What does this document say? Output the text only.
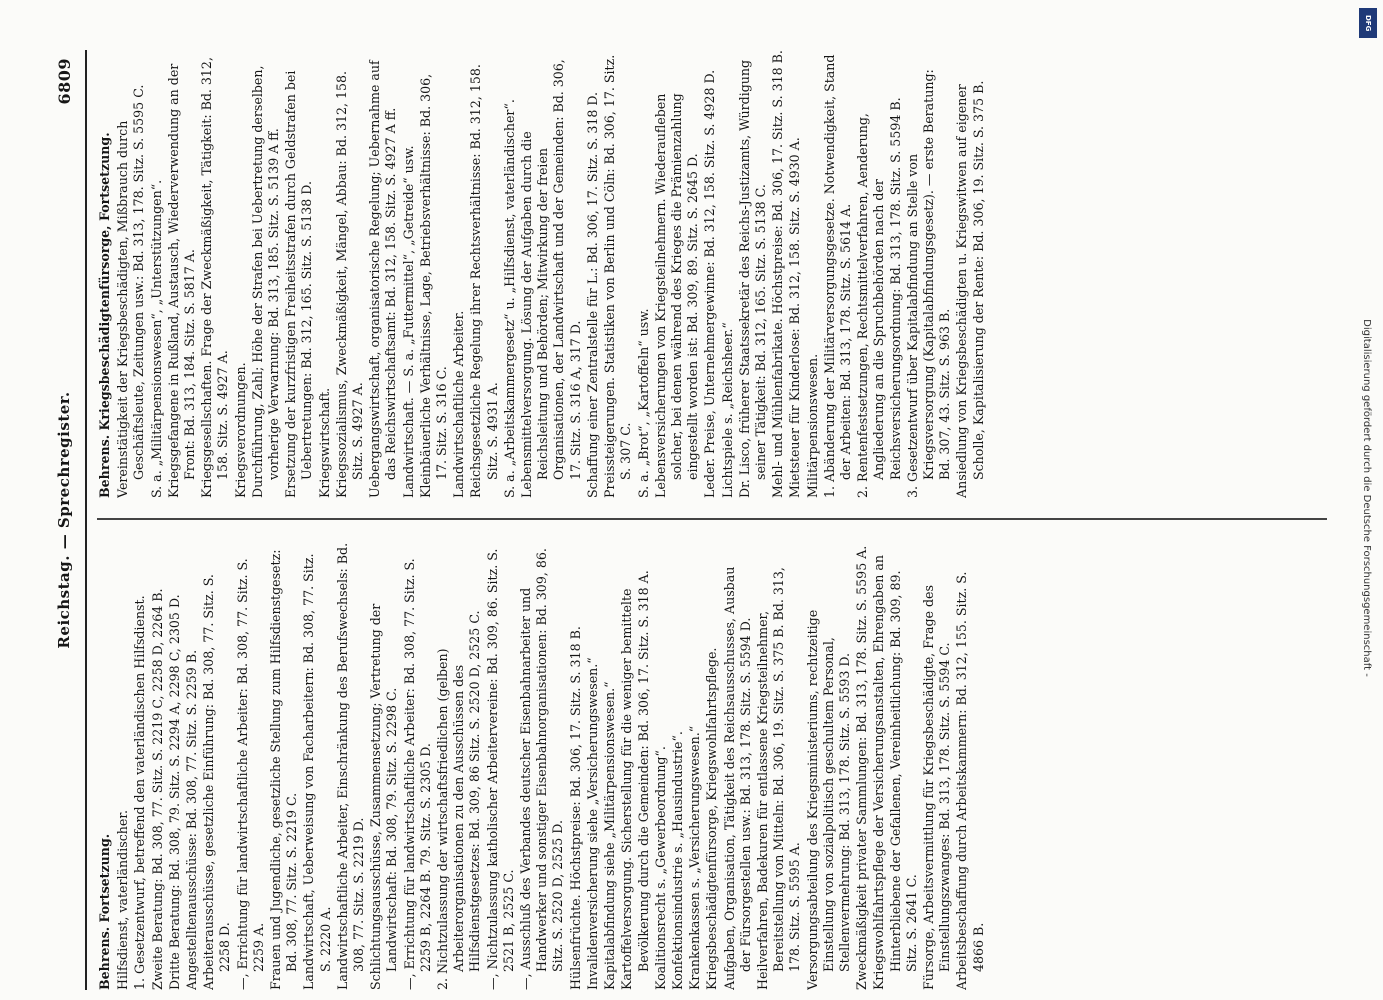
Digitalisierung gefördert durch die Deutsche Forschungsgemeinschaft -
DFG
Reichstag. — Sprechregister.
6809
Behrens. Fortsetzung. Hilfsdienst, vaterländischer. 1. Gesetzentwurf, betreffend den vaterländischen Hilfsdienst. Zweite Beratung: Bd. 308, 77. Sitz. S. 2219 C, 2258 D, 2264 B. Dritte Beratung: Bd. 308, 79. Sitz. S. 2294 A, 2298 C, 2305 D. Angestelltenausschüsse: Bd. 308, 77. Sitz. S. 2259 B. Arbeiterausschüsse, gesetzliche Einführung: Bd. 308, 77. Sitz. S. 2258 D. —, Errichtung für landwirtschaftliche Arbeiter: Bd. 308, 77. Sitz. S. 2259 A. Frauen und Jugendliche, gesetzliche Stellung zum Hilfsdienstgesetz: Bd. 308, 77. Sitz. S. 2219 C. Landwirtschaft, Ueberweisung von Facharbeitern: Bd. 308, 77. Sitz. S. 2220 A. Landwirtschaftliche Arbeiter, Einschränkung des Berufswechsels: Bd. 308, 77. Sitz. S. 2219 D. Schlichtungsausschüsse, Zusammensetzung; Vertretung der Landwirtschaft: Bd. 308, 79. Sitz. S. 2298 C. —, Errichtung für landwirtschaftliche Arbeiter: Bd. 308, 77. Sitz. S. 2259 B, 2264 B. 79. Sitz. S. 2305 D. 2. Nichtzulassung der wirtschaftsfriedlichen (gelben) Arbeiterorganisationen zu den Ausschüssen des Hilfsdienstgesetzes: Bd. 309, 86 Sitz. S. 2520 D, 2525 C. —, Nichtzulassung katholischer Arbeitervereine: Bd. 309, 86. Sitz. S. 2521 B, 2525 C. —, Ausschluß des Verbandes deutscher Eisenbahnarbeiter und Handwerker und sonstiger Eisenbahnorganisationen: Bd. 309, 86. Sitz. S. 2520 D, 2525 D. Hülsenfrüchte. Höchstpreise: Bd. 306, 17. Sitz. S. 318 B. Invalidenversicherung siehe „Versicherungswesen.“ Kapitalabfindung siehe „Militärpensionswesen.“ Kartoffelversorgung. Sicherstellung für die weniger bemittelte Bevölkerung durch die Gemeinden: Bd. 306, 17. Sitz. S. 318 A. Koalitionsrecht s. „Gewerbeordnung“. Konfektionsindustrie s. „Hausindustrie“. Krankenkassen s. „Versicherungswesen.“ Kriegsbeschädigtenfürsorge, Kriegswohlfahrtspflege. Aufgaben, Organisation, Tätigkeit des Reichsausschusses, Ausbau der Fürsorgestellen usw.: Bd. 313, 178. Sitz. S. 5594 D. Heilverfahren, Badekuren für entlassene Kriegsteilnehmer, Bereitstellung von Mitteln: Bd. 306, 19. Sitz. S. 375 B. Bd. 313, 178. Sitz. S. 5595 A. Versorgungsabteilung des Kriegsministeriums, rechtzeitige Einstellung von sozialpolitisch geschultem Personal, Stellenvermehrung: Bd. 313, 178. Sitz. S. 5593 D. Zweckmäßigkeit privater Sammlungen: Bd. 313, 178. Sitz. S. 5595 A. Kriegswohlfahrtspflege der Versicherungsanstalten, Ehrengaben an Hinterbliebene der Gefallenen, Vereinheitlichung: Bd. 309, 89. Sitz. S. 2641 C. Fürsorge, Arbeitsvermittlung für Kriegsbeschädigte, Frage des Einstellungszwanges: Bd. 313, 178. Sitz. S. 5594 C. Arbeitsbeschaffung durch Arbeitskammern: Bd. 312, 155. Sitz. S. 4866 B.

Behrens. Kriegsbeschädigtenfürsorge, Fortsetzung. Vereinstätigkeit der Kriegsbeschädigten, Mißbrauch durch Geschäftsleute, Zeitungen usw.: Bd. 313, 178. Sitz. S. 5595 C. S. a. „Militärpensionswesen“, „Unterstützungen“. Kriegsgefangene in Rußland, Austausch, Wiederverwendung an der Front: Bd. 313, 184. Sitz. S. 5817 A. Kriegsgesellschaften. Frage der Zweckmäßigkeit, Tätigkeit: Bd. 312, 158. Sitz. S. 4927 A. Kriegsverordnungen. Durchführung, Zahl; Höhe der Strafen bei Uebertretung derselben, vorherige Verwarnung: Bd. 313, 185. Sitz. S. 5139 A ff. Ersetzung der kurzfristigen Freiheitsstrafen durch Geldstrafen bei Uebertretungen: Bd. 312, 165. Sitz. S. 5138 D. Kriegswirtschaft. Kriegssozialismus, Zweckmäßigkeit, Mängel, Abbau: Bd. 312, 158. Sitz. S. 4927 A. Uebergangswirtschaft, organisatorische Regelung; Uebernahme auf das Reichswirtschaftsamt: Bd. 312, 158. Sitz. S. 4927 A ff. Landwirtschaft. — S. a. „Futtermittel“, „Getreide“ usw. Kleinbäuerliche Verhältnisse, Lage, Betriebsverhältnisse: Bd. 306, 17. Sitz. S. 316 C. Landwirtschaftliche Arbeiter. Reichsgesetzliche Regelung ihrer Rechtsverhältnisse: Bd. 312, 158. Sitz. S. 4931 A. S. a. „Arbeitskammergesetz“ u. „Hilfsdienst, vaterländischer“. Lebensmittelversorgung. Lösung der Aufgaben durch die Reichsleitung und Behörden; Mitwirkung der freien Organisationen, der Landwirtschaft und der Gemeinden: Bd. 306, 17. Sitz. S. 316 A, 317 D. Schaffung einer Zentralstelle für L.: Bd. 306, 17. Sitz. S. 318 D. Preissteigerungen. Statistiken von Berlin und Cöln: Bd. 306, 17. Sitz. S. 307 C. S. a. „Brot“, „Kartoffeln“ usw. Lebensversicherungen von Kriegsteilnehmern. Wiederaufleben solcher, bei denen während des Krieges die Prämienzahlung eingestellt worden ist: Bd. 309, 89. Sitz. S. 2645 D. Leder. Preise, Unternehmergewinne: Bd. 312, 158. Sitz. S. 4928 D. Lichtspiele s. „Reichsheer.“ Dr. Lisco, früherer Staatssekretär des Reichs-Justizamts, Würdigung seiner Tätigkeit: Bd. 312, 165. Sitz. S. 5138 C. Mehl- und Mühlenfabrikate. Höchstpreise: Bd. 306, 17. Sitz. S. 318 B. Mietsteuer für Kinderlose: Bd. 312, 158. Sitz. S. 4930 A. Militärpensionswesen. 1. Abänderung der Militärversorgungsgesetze. Notwendigkeit, Stand der Arbeiten: Bd. 313, 178. Sitz. S. 5614 A. 2. Rentenfestsetzungen, Rechtsmittelverfahren, Aenderung, Angliederung an die Spruchbehörden nach der Reichsversicherungsordnung: Bd. 313, 178. Sitz. S. 5594 B. 3. Gesetzentwurf über Kapitalabfindung an Stelle von Kriegsversorgung (Kapitalabfindungsgesetz). — erste Beratung: Bd. 307, 43. Sitz. S. 963 B. Ansiedlung von Kriegsbeschädigten u. Kriegswitwen auf eigener Scholle, Kapitalisierung der Rente: Bd. 306, 19. Sitz. S. 375 B.
